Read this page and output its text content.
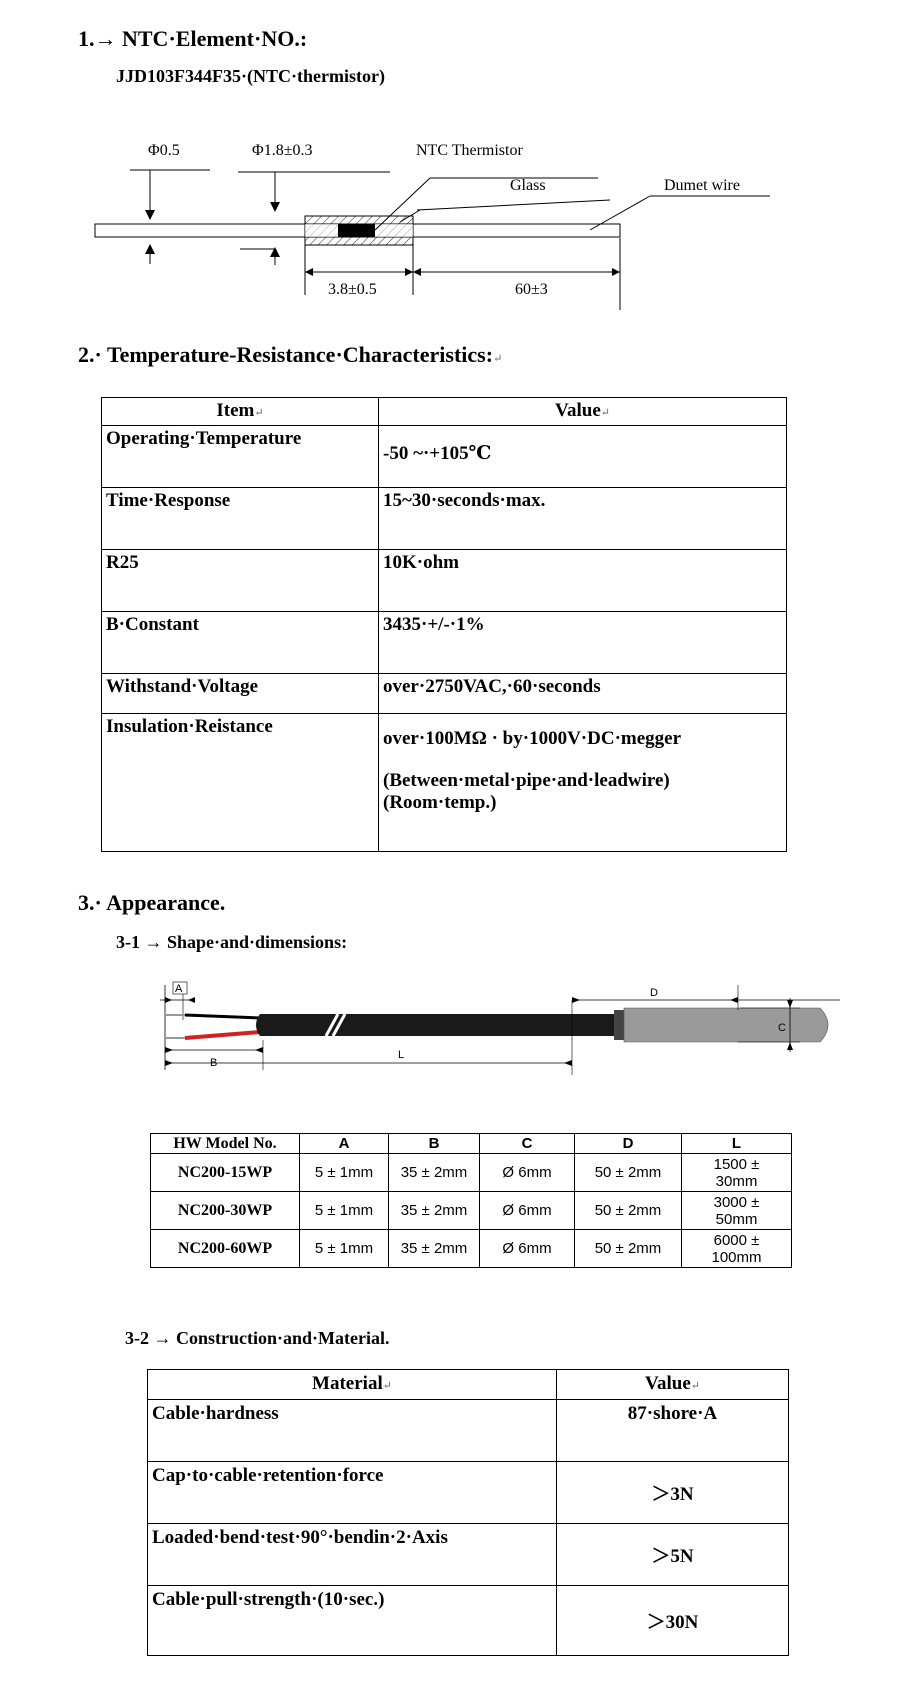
1.→ NTC·Element·NO.:
JJD103F344F35·(NTC·thermistor)
Φ0.5	Φ1.8±0.3	NTC Thermistor
Glass	Dumet wire
3.8±0.5	60±3
2.· Temperature-Resistance·Characteristics:↵
Item↵	Value↵
Operating·Temperature	-50 ~·+105℃

Time·Response	15~30·seconds·max.
R25	10K·ohm
B·Constant	3435·+/-·1%
Withstand·Voltage	over·2750VAC,·60·seconds
Insulation·Reistance	over·100MΩ · by·1000V·DC·megger
(Between·metal·pipe·and·leadwire)
(Room·temp.)
3.· Appearance.
3-1 → Shape·and·dimensions:
A
B
L
D
C
HW Model No.	A	B	C	D	L
NC200-15WP	5 ± 1mm	35 ± 2mm	Ø 6mm	50 ± 2mm	1500 ±
30mm

NC200-30WP	5 ± 1mm	35 ± 2mm	Ø 6mm	50 ± 2mm	3000 ±
50mm

NC200-60WP	5 ± 1mm	35 ± 2mm	Ø 6mm	50 ± 2mm	6000 ±
100mm
3-2 → Construction·and·Material.
Material↵	Value↵
Cable·hardness	87·shore·A
Cap·to·cable·retention·force	＞3N
Loaded·bend·test·90°·bendin·2·Axis	＞5N
Cable·pull·strength·(10·sec.)	＞30N
